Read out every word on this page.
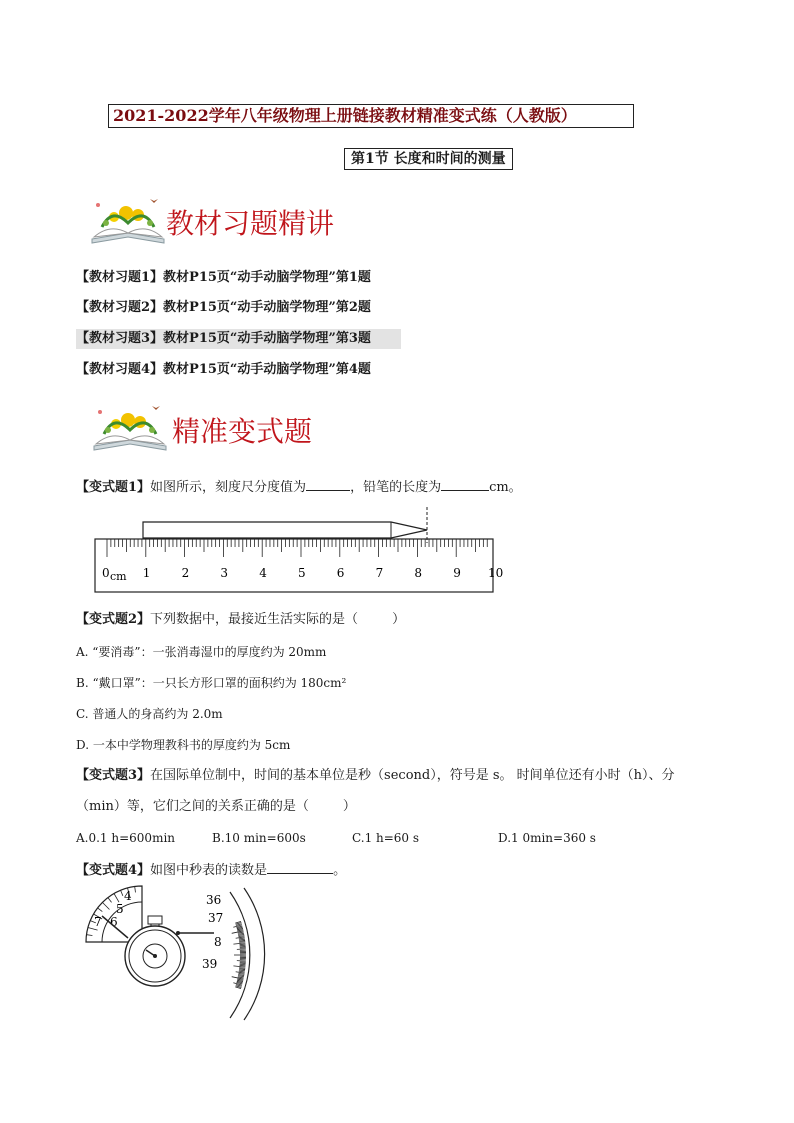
2021-2022学年八年级物理上册链接教材精准变式练（人教版）
第1节 长度和时间的测量
教材习题精讲
【教材习题1】教材P15页“动手动脑学物理”第1题
【教材习题2】教材P15页“动手动脑学物理”第2题
【教材习题3】教材P15页“动手动脑学物理”第3题
【教材习题4】教材P15页“动手动脑学物理”第4题
精准变式题
【变式题1】如图所示，刻度尺分度值为	，铅笔的长度为	cm。
0 cm 1	2	3	4	5	6	7	8	9 10
【变式题2】下列数据中，最接近生活实际的是（	）
A. “要消毒”：一张消毒湿巾的厚度约为 20mm
B. “戴口罩”：一只长方形口罩的面积约为 180cm²
C. 普通人的身高约为 2.0m
D. 一本中学物理教科书的厚度约为 5cm
【变式题3】在国际单位制中，时间的基本单位是秒（second），符号是 s。 时间单位还有小时（h）、分
（min）等，它们之间的关系正确的是（	）
A.0.1 h=600min	B.10 min=600s	C.1 h=60 s	D.1 0min=360 s
【变式题4】如图中秒表的读数是	。
4
5
6
7
36
37
8
38
39
